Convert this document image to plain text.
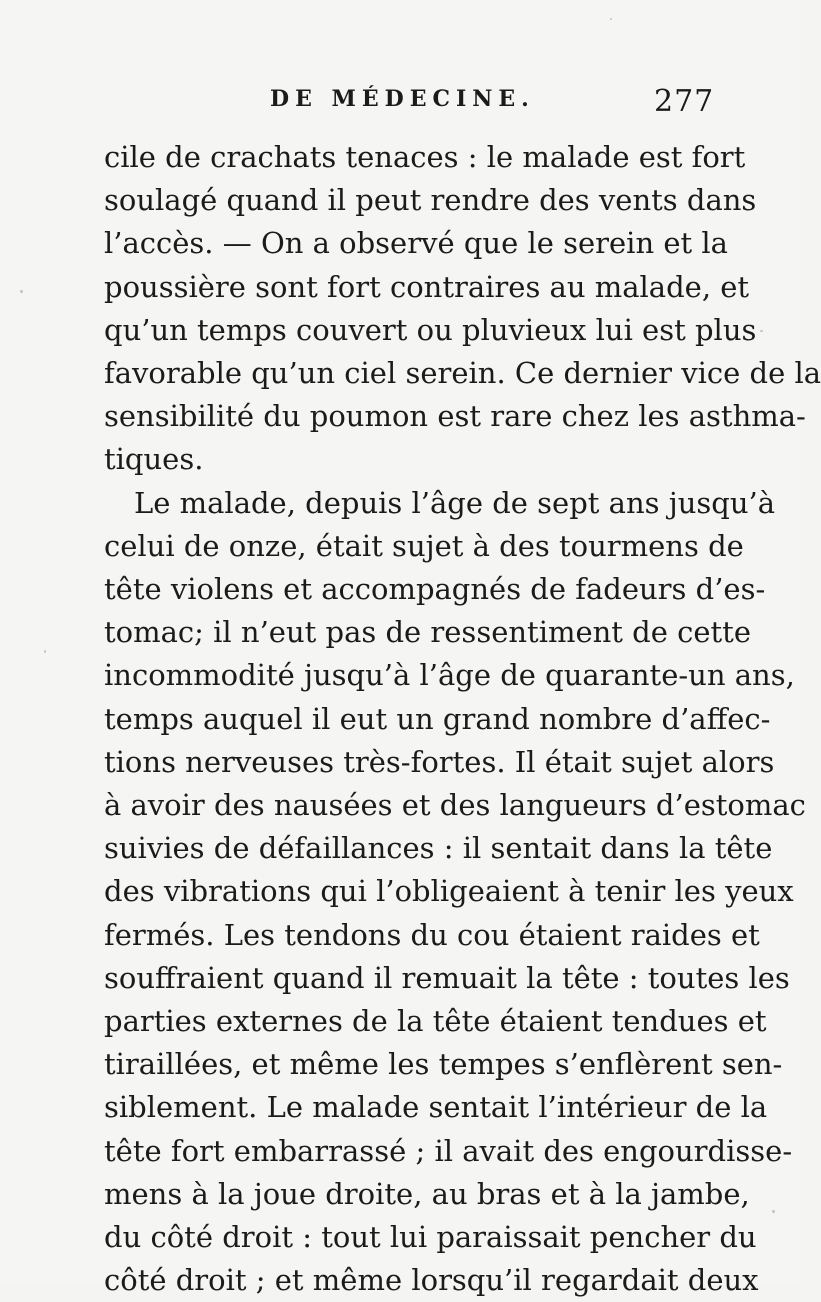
DE MÉDECINE.	277
cile de crachats tenaces : le malade est fort
soulagé quand il peut rendre des vents dans
l’accès. — On a observé que le serein et la
poussière sont fort contraires au malade, et
qu’un temps couvert ou pluvieux lui est plus
favorable qu’un ciel serein. Ce dernier vice de la
sensibilité du poumon est rare chez les asthma-
tiques.
Le malade, depuis l’âge de sept ans jusqu’à
celui de onze, était sujet à des tourmens de
tête violens et accompagnés de fadeurs d’es-
tomac; il n’eut pas de ressentiment de cette
incommodité jusqu’à l’âge de quarante-un ans,
temps auquel il eut un grand nombre d’affec-
tions nerveuses très-fortes. Il était sujet alors
à avoir des nausées et des langueurs d’estomac
suivies de défaillances : il sentait dans la tête
des vibrations qui l’obligeaient à tenir les yeux
fermés. Les tendons du cou étaient raides et
souffraient quand il remuait la tête : toutes les
parties externes de la tête étaient tendues et
tiraillées, et même les tempes s’enflèrent sen-
siblement. Le malade sentait l’intérieur de la
tête fort embarrassé ; il avait des engourdisse-
mens à la joue droite, au bras et à la jambe,
du côté droit : tout lui paraissait pencher du
côté droit ; et même lorsqu’il regardait deux
